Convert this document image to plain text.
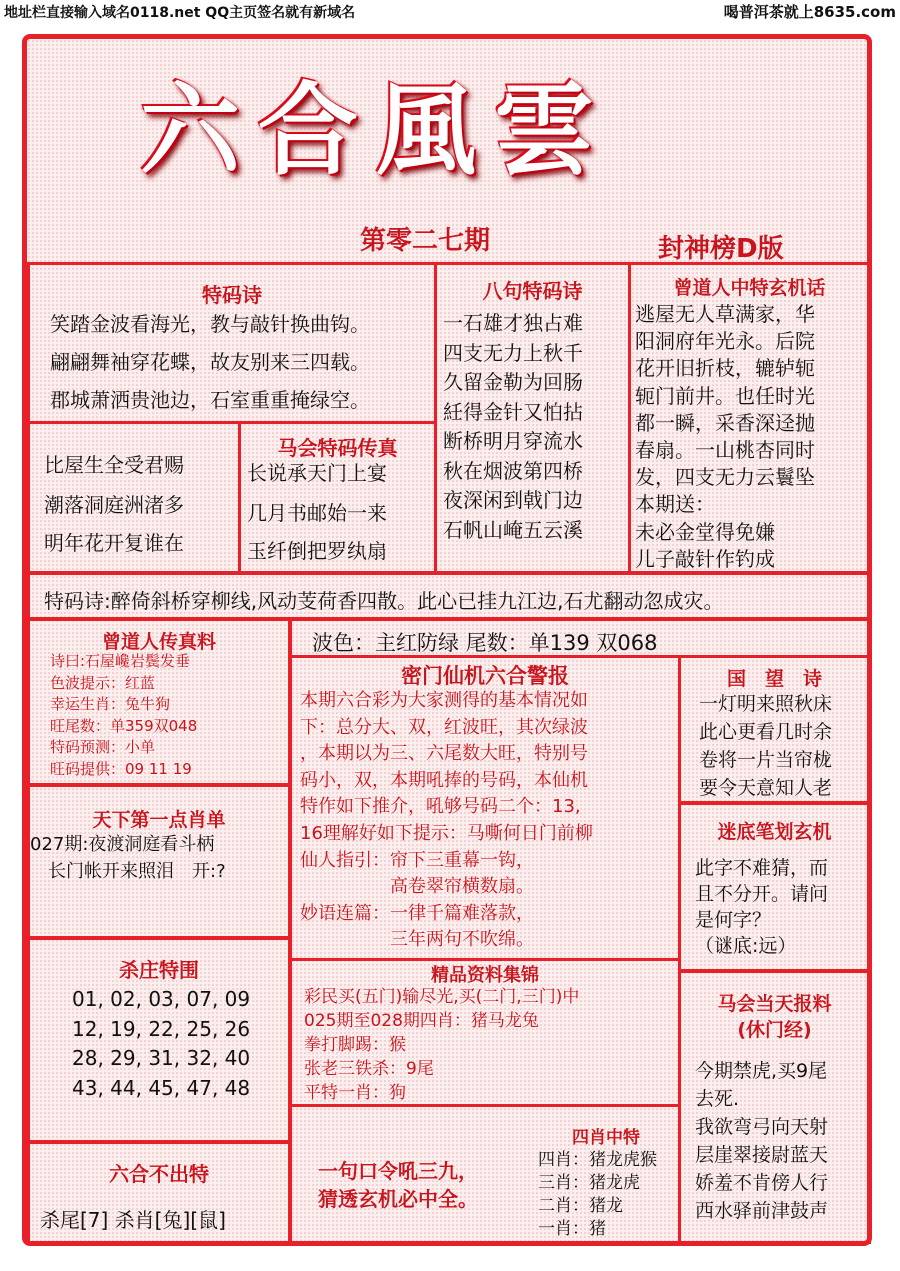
地址栏直接输入域名0118.net QQ主页签名就有新域名	喝普洱茶就上8635.com
六合風雲
第零二七期	封神榜D版
特码诗
笑踏金波看海光，教与敲针换曲钩。
翩翩舞袖穿花蝶，故友别来三四载。
郡城萧洒贵池边，石室重重掩绿空。
比屋生全受君赐
潮落洞庭洲渚多
明年花开复谁在
马会特码传真
长说承天门上宴
几月书邮始一来
玉纤倒把罗纨扇
八句特码诗
一石雄才独占难
四支无力上秋千
久留金勒为回肠
紝得金针又怕拈
断桥明月穿流水
秋在烟波第四桥
夜深闲到戟门边
石帆山崦五云溪
曾道人中特玄机话
逃屋无人草满家，华
阳洞府年光永。后院
花开旧折枝，辘轳轭
轭门前井。也任时光
都一瞬，采香深迳抛
春扇。一山桃杏同时
发，四支无力云鬟坠
本期送：
未必金堂得免嫌
儿子敲针作钓成
特码诗:醉倚斜桥穿柳线,风动芰荷香四散。此心已挂九江边,石尤翻动忽成灾。
曾道人传真料
诗曰:石屋巉岩鬓发垂
色波提示：红蓝
幸运生肖：兔牛狗
旺尾数：单359双048
特码预测：小单
旺码提供：09 11 19
波色：主红防绿 尾数：单139 双068
密门仙机六合警报
本期六合彩为大家测得的基本情况如
下：总分大、双，红波旺，其次绿波
，本期以为三、六尾数大旺，特别号
码小，双，本期吼捧的号码，本仙机
特作如下推介，吼够号码二个：13,
16理解好如下提示：马嘶何日门前柳
仙人指引：帘下三重幕一钩，
　　　　　高卷翠帘横数扇。
妙语连篇：一律千篇难落款，
　　　　　三年两句不吹绵。
国　望　诗
一灯明来照秋床
此心更看几时余
卷将一片当帘栊
要令天意知人老
迷底笔划玄机
此字不难猜，而
且不分开。请问
是何字？
（谜底:远）
天下第一点肖单
027期:夜渡洞庭看斗柄
　长门帐开来照泪　开:?
杀庄特围
01, 02, 03, 07, 09
12, 19, 22, 25, 26
28, 29, 31, 32, 40
43, 44, 45, 47, 48
精品资料集锦
彩民买(五门)输尽光,买(二门,三门)中
025期至028期四肖：猪马龙兔
拳打脚踢：猴
张老三铁杀：9尾
平特一肖：狗
马会当天报料
(休门经)
今期禁虎,买9尾
去死.
我欲弯弓向天射
层崖翠接尉蓝天
娇羞不肯傍人行
西水驿前津鼓声
六合不出特
杀尾[7] 杀肖[兔][鼠]
一句口令吼三九，
猜透玄机必中全。
四肖中特
四肖：猪龙虎猴
三肖：猪龙虎
二肖：猪龙
一肖：猪
